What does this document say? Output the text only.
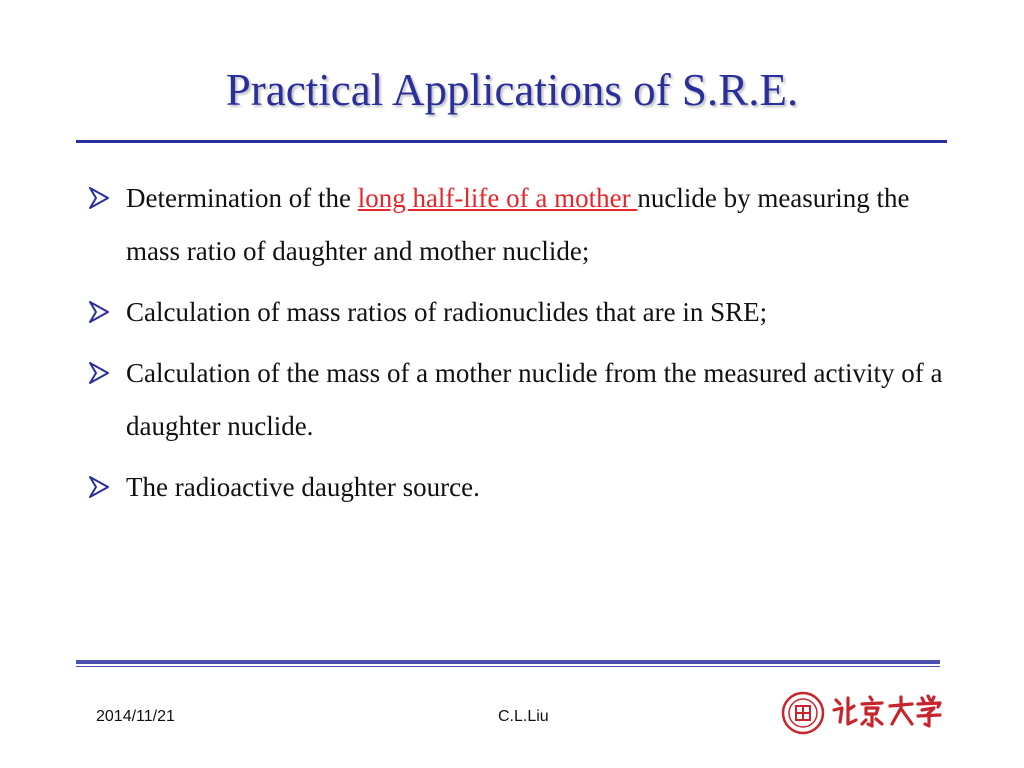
Practical Applications of S.R.E.
Determination of the long half-life of a mother nuclide by measuring the mass ratio of daughter and mother nuclide;
Calculation of mass ratios of radionuclides that are in SRE;
Calculation of the mass of a mother nuclide from the measured activity of a daughter nuclide.
The radioactive daughter source.
2014/11/21	C.L.Liu
